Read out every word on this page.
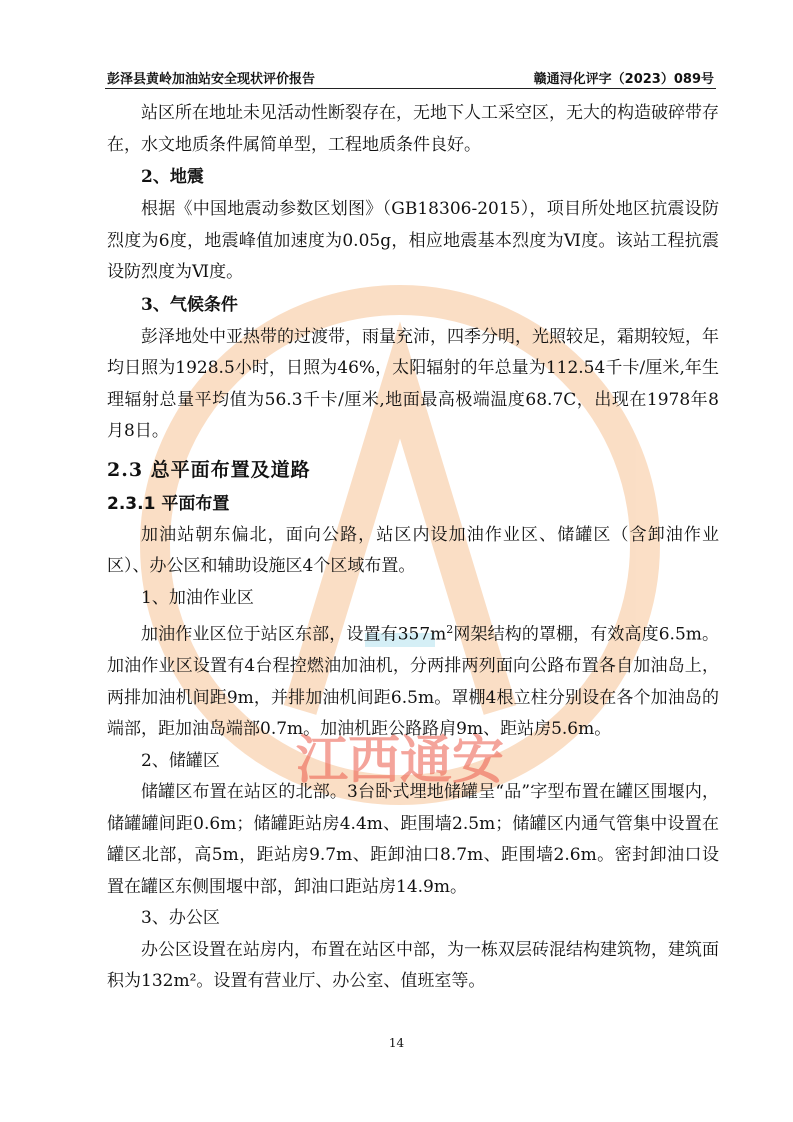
彭泽县黄岭加油站安全现状评价报告	赣通浔化评字（2023）089号
江西通安

站区所在地址未见活动性断裂存在，无地下人工采空区，无大的构造破碎带存在，水文地质条件属简单型，工程地质条件良好。

2、地震

根据《中国地震动参数区划图》（GB18306-2015），项目所处地区抗震设防烈度为6度，地震峰值加速度为0.05g，相应地震基本烈度为Ⅵ度。该站工程抗震设防烈度为Ⅵ度。

3、气候条件

彭泽地处中亚热带的过渡带，雨量充沛，四季分明，光照较足，霜期较短，年均日照为1928.5小时，日照为46%，太阳辐射的年总量为112.54千卡/厘米,年生理辐射总量平均值为56.3千卡/厘米,地面最高极端温度68.7C，出现在1978年8月8日。

2.3 总平面布置及道路

2.3.1 平面布置

加油站朝东偏北，面向公路，站区内设加油作业区、储罐区（含卸油作业区）、办公区和辅助设施区4个区域布置。

1、加油作业区

加油作业区位于站区东部，设置有$357m^2$网架结构的罩棚，有效高度6.5m。加油作业区设置有4台程控燃油加油机，分两排两列面向公路布置各自加油岛上，两排加油机间距9m，并排加油机间距6.5m。罩棚4根立柱分别设在各个加油岛的端部，距加油岛端部0.7m。加油机距公路路肩9m、距站房5.6m。

2、储罐区

储罐区布置在站区的北部。3台卧式埋地储罐呈“品”字型布置在罐区围堰内，储罐罐间距0.6m；储罐距站房4.4m、距围墙2.5m；储罐区内通气管集中设置在罐区北部，高5m，距站房9.7m、距卸油口8.7m、距围墙2.6m。密封卸油口设置在罐区东侧围堰中部，卸油口距站房14.9m。

3、办公区

办公区设置在站房内，布置在站区中部，为一栋双层砖混结构建筑物，建筑面积为132m²。设置有营业厅、办公室、值班室等。

14
